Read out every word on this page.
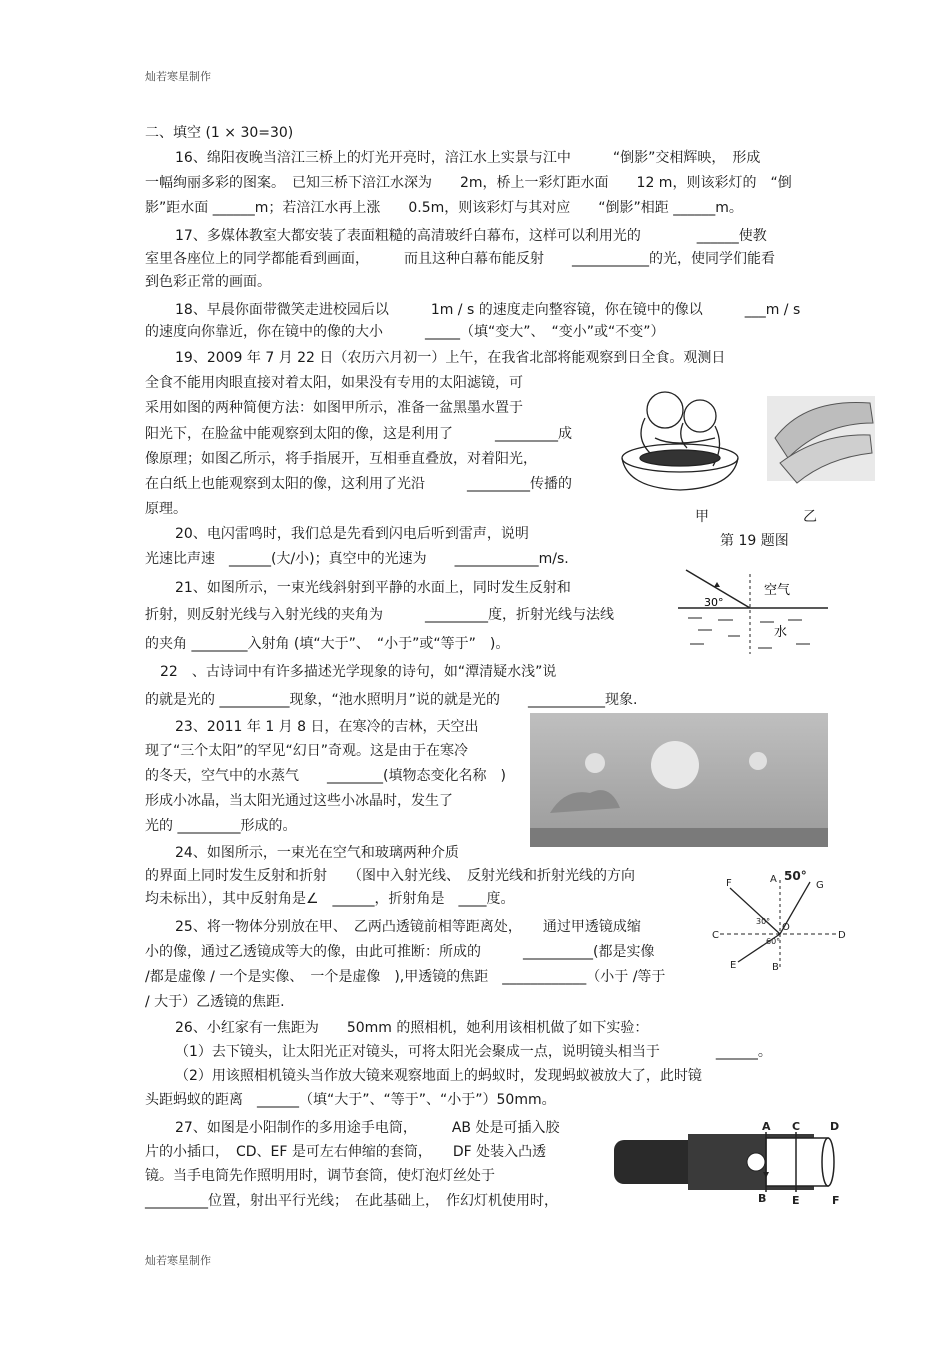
灿若寒星制作
二、填空 (1 × 30=30)
16、绵阳夜晚当涪江三桥上的灯光开亮时，涪江水上实景与江中　　　“倒影”交相辉映，　形成
一幅绚丽多彩的图案。　已知三桥下涪江水深为　　2m，桥上一彩灯距水面　　12 m，则该彩灯的　“倒
影”距水面 ______m；若涪江水再上涨　　0.5m，则该彩灯与其对应　　“倒影”相距 ______m。
17、多媒体教室大都安装了表面粗糙的高清玻纤白幕布，这样可以利用光的　　　　______使教
室里各座位上的同学都能看到画面，　　　而且这种白幕布能反射　　___________的光，使同学们能看
到色彩正常的画面。
18、早晨你面带微笑走进校园后以　　　1m / s 的速度走向整容镜，你在镜中的像以　　　___m / s
的速度向你靠近，你在镜中的像的大小　　　_____（填“变大”、　“变小”或“不变”）
19、2009 年 7 月 22 日（农历六月初一）上午，在我省北部将能观察到日全食。观测日
全食不能用肉眼直接对着太阳，如果没有专用的太阳滤镜，可
采用如图的两种简便方法：如图甲所示，准备一盆黑墨水置于
阳光下，在脸盆中能观察到太阳的像，这是利用了　　　_________成
像原理；如图乙所示，将手指展开，互相垂直叠放，对着阳光，
在白纸上也能观察到太阳的像，这利用了光沿　　　_________传播的
原理。
20、电闪雷鸣时，我们总是先看到闪电后听到雷声，说明
光速比声速　______(大/小)；真空中的光速为　　____________m/s.
21、如图所示，一束光线斜射到平静的水面上，同时发生反射和
折射，则反射光线与入射光线的夹角为　　　_________度，折射光线与法线
的夹角 ________入射角 (填“大于”、　“小于”或“等于”　)。
22　、古诗词中有许多描述光学现象的诗句，如“潭清疑水浅”说
的就是光的 __________现象，“池水照明月”说的就是光的　　___________现象.
23、2011 年 1 月 8 日，在寒冷的吉林，天空出
现了“三个太阳”的罕见“幻日”奇观。这是由于在寒冷
的冬天，空气中的水蒸气　　________(填物态变化名称　)
形成小冰晶，当太阳光通过这些小冰晶时，发生了
光的 _________形成的。
24、如图所示，一束光在空气和玻璃两种介质
的界面上同时发生反射和折射　　（图中入射光线、　反射光线和折射光线的方向
均未标出），其中反射角是∠　______，折射角是　____度。
25、将一物体分别放在甲、　乙两凸透镜前相等距离处，　　通过甲透镜成缩
小的像，通过乙透镜成等大的像，由此可推断：所成的　　　__________(都是实像
/都是虚像 / 一个是实像、　一个是虚像　),甲透镜的焦距　____________（小于 /等于
/ 大于）乙透镜的焦距.
26、小红家有一焦距为　　50mm 的照相机，她利用该相机做了如下实验：
（1）去下镜头，让太阳光正对镜头，可将太阳光会聚成一点，说明镜头相当于　　　　______。
（2）用该照相机镜头当作放大镜来观察地面上的蚂蚁时，发现蚂蚁被放大了，此时镜
头距蚂蚁的距离　______（填“大于”、“等于”、“小于”）50mm。
27、如图是小阳制作的多用途手电筒，　　　AB 处是可插入胶
片的小插口，　CD、EF 是可左右伸缩的套筒，　　DF 处装入凸透
镜。当手电筒先作照明用时，调节套筒，使灯泡灯丝处于
_________位置，射出平行光线；　在此基础上，　作幻灯机使用时，
甲	乙
第 19 题图
30°
空气
水
50°
A
F	G
C	D
O
E	B
30°
60°
A C	D
B E	F
灿若寒星制作
